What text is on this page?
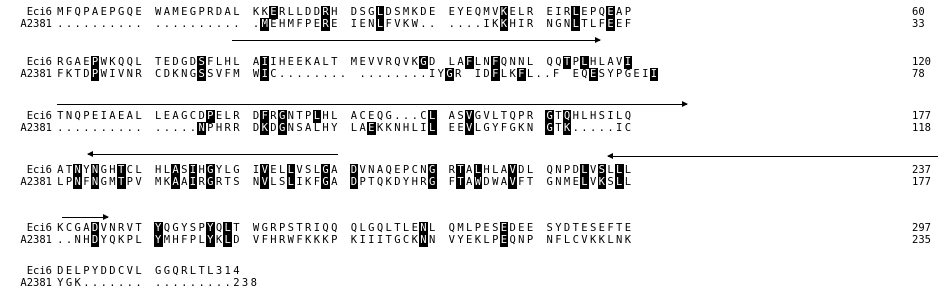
Eci6 M F Q P A E P G Q E W A M E G P R D A L K K E R L L D D R H D S G L D S M K D E E Y E Q M V K E L R E I R L E P Q E A P	60
A2381 . . . . . . . . . . . . . . . . . . . . . M E H M F P E R E I E N L F V K W . . . . . . I K K H I R N G N L T L F E E F	33
Eci6 R G A E P W K Q Q L T E D G D S F L H L A I I H E E K A L T M E V V R Q V K G D L A F L N F Q N N L Q Q T P L H L A V I	120
A2381 F K T D P W I V N R C D K N G S S V F M W I C . . . . . . . . . . . . . . . . I Y G R I D F L K F L . . F E Q E S Y P G E I I	78
Eci6 T N Q P E I A E A L L E A G C D P E L R D F R G N T P L H L A C E Q G . . . C L A S V G V L T Q P R G T Q H L H S I L Q	177
A2381 . . . . . . . . . . . . . . . N P H R R D K D G N S A L H Y L A E K K N H L I L E E V L G Y F G K N G T K . . . . . I C	118
Eci6 A T N Y N G H T C L H L A S I H G Y L G I V E L L V S L G A D V N A Q E P C N G R T A L H L A V D L Q N P D L V S L L L	237
A2381 L P N F N G M T P V M K A A I R G R T S N V L S L I K F G A D P T Q K D Y H R G F T A W D W A V F T G N M E L V K S L L	177
Eci6 K C G A D V N R V T Y Q G Y S P Y Q L T W G R P S T R I Q Q Q L G Q L T L E N L Q M L P E S E D E E S Y D T E S E F T E	297
A2381 . . N H D Y Q K P L Y M H F P L Y K L D V F H R W F K K K P K I I I T G C K N N V Y E K L P E Q N P N F L C V K K L N K	235
Eci6 D E L P Y D D C V L G G Q R L T L 3 1 4
A2381 Y G K . . . . . . . . . . . . . . . . 2 3 8
